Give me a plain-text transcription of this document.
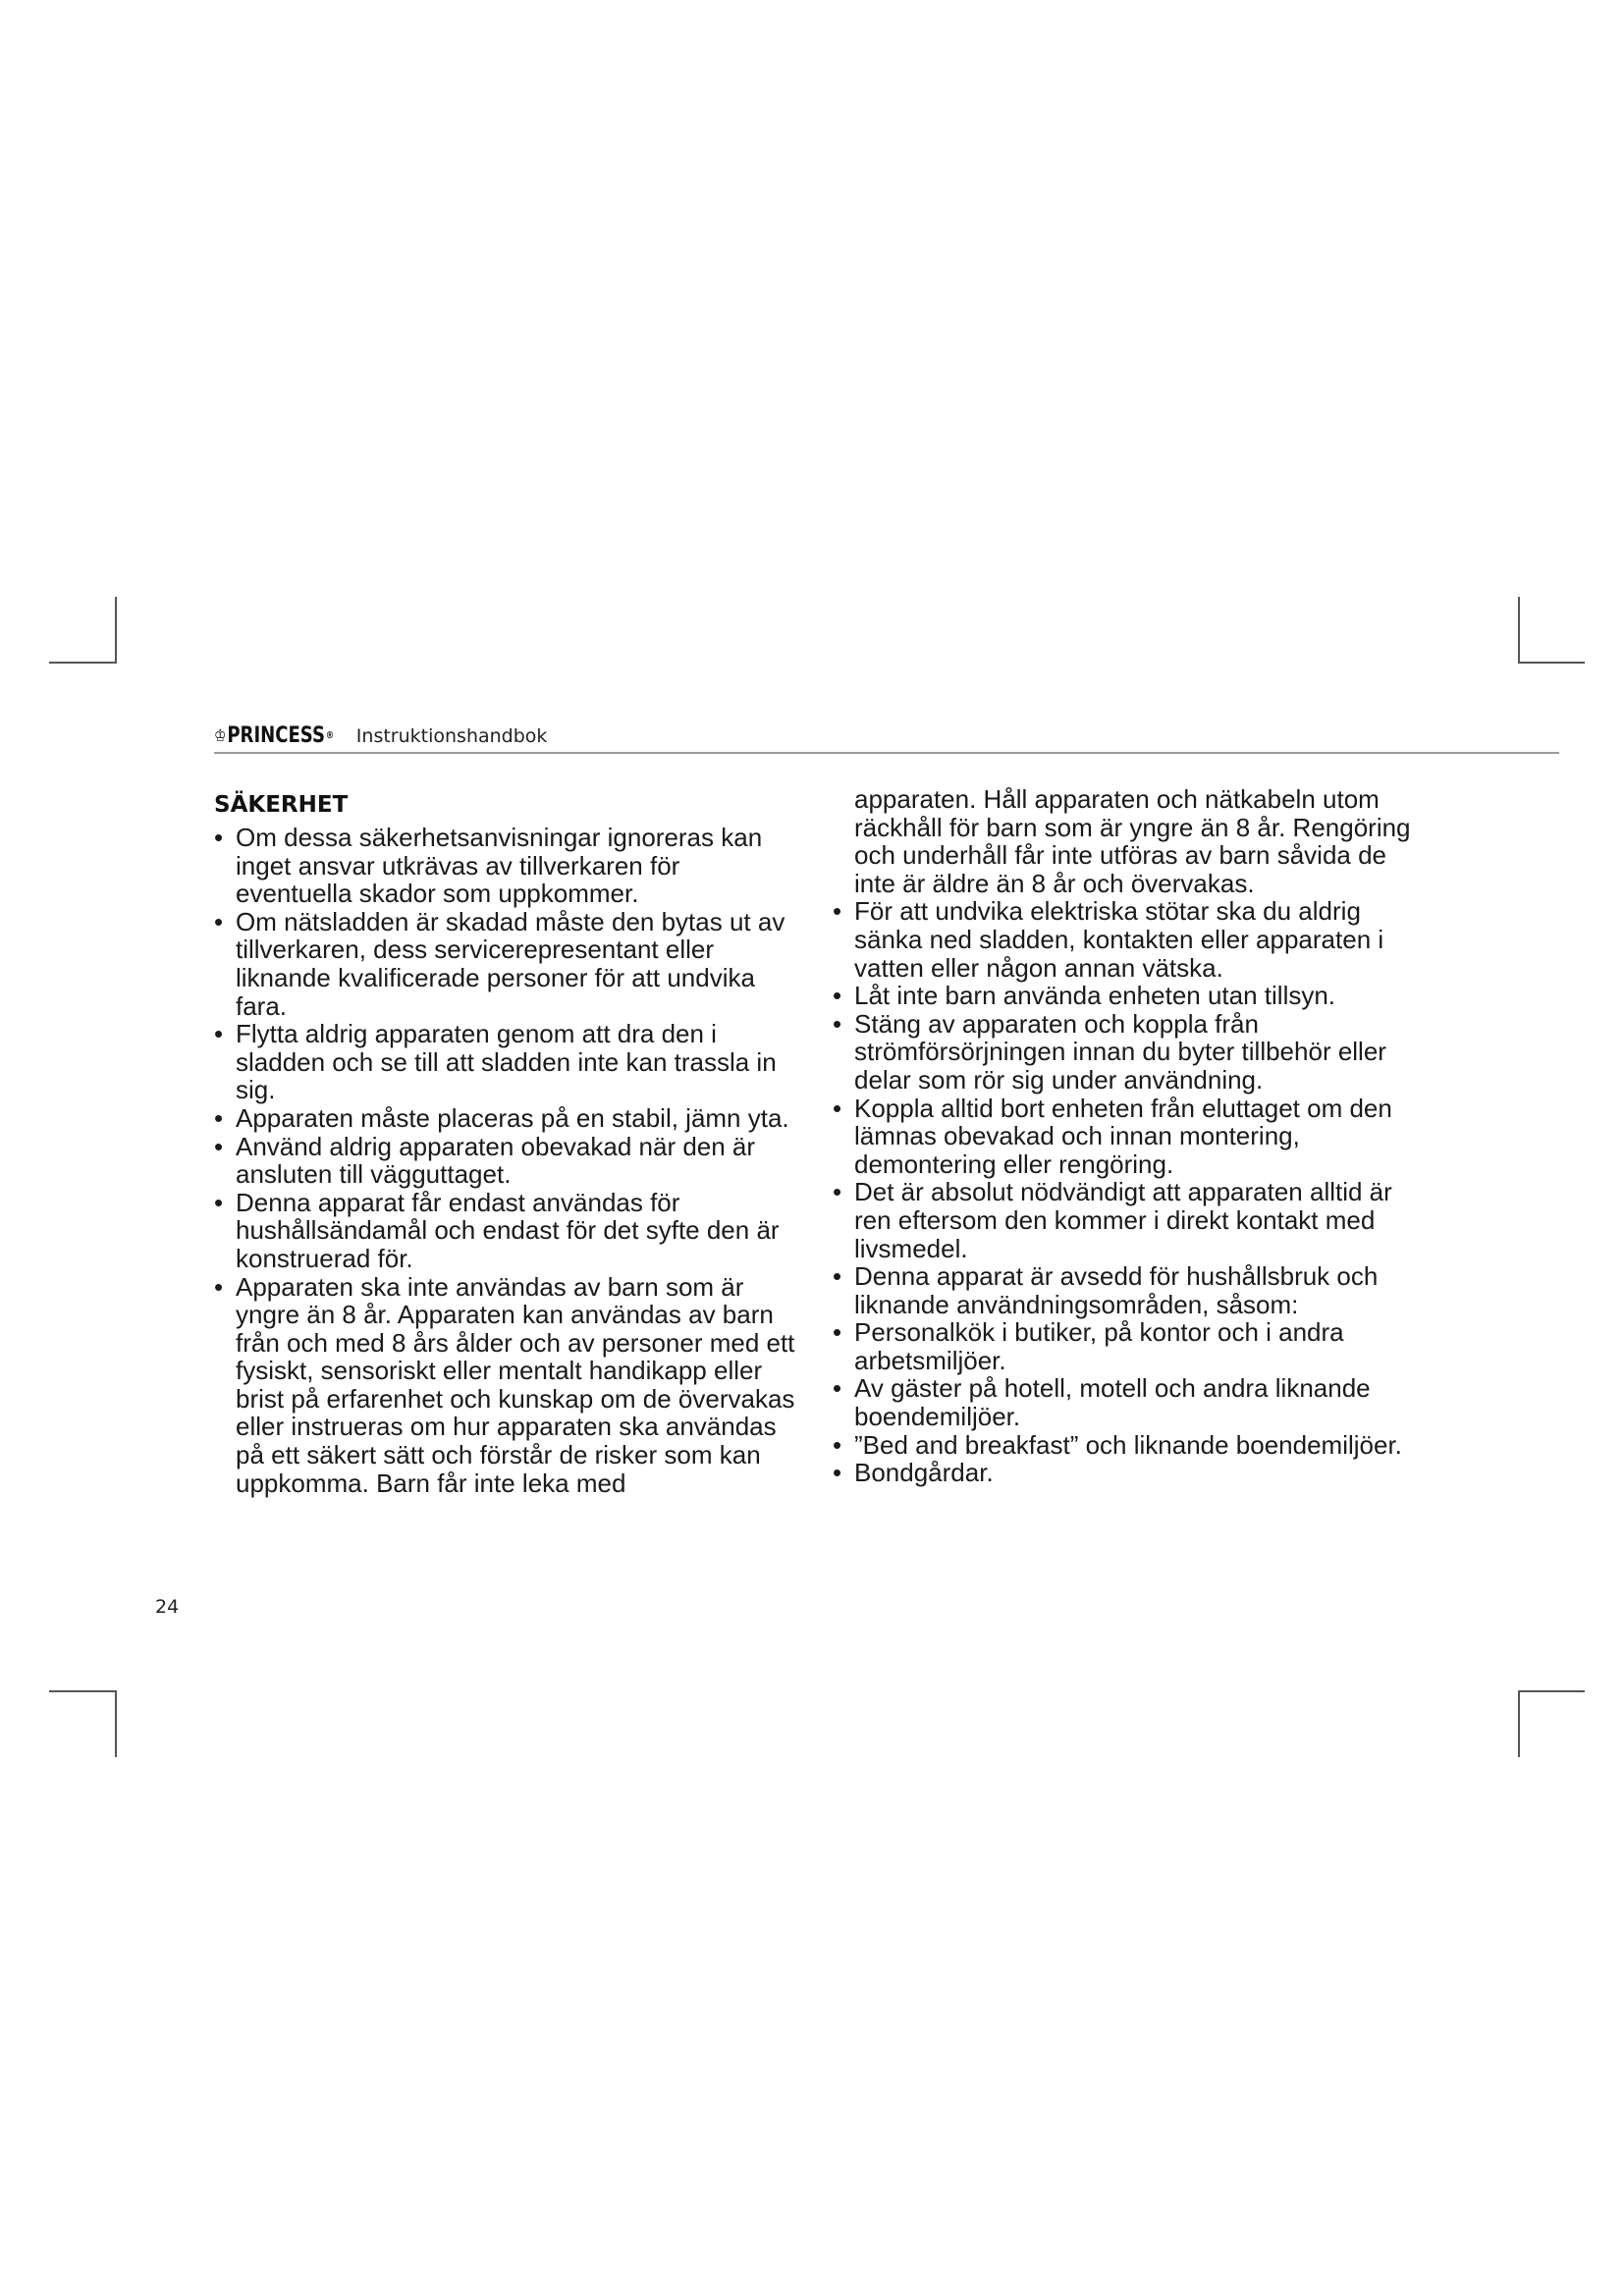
♔ PRINCESS ® Instruktionshandbok
SÄKERHET
• Om dessa säkerhetsanvisningar ignoreras kan inget ansvar utkrävas av tillverkaren för eventuella skador som uppkommer.
• Om nätsladden är skadad måste den bytas ut av tillverkaren, dess servicerepresentant eller liknande kvalificerade personer för att undvika fara.
• Flytta aldrig apparaten genom att dra den i sladden och se till att sladden inte kan trassla in sig.
• Apparaten måste placeras på en stabil, jämn yta.
• Använd aldrig apparaten obevakad när den är ansluten till vägguttaget.
• Denna apparat får endast användas för hushållsändamål och endast för det syfte den är konstruerad för.
• Apparaten ska inte användas av barn som är yngre än 8 år. Apparaten kan användas av barn från och med 8 års ålder och av personer med ett fysiskt, sensoriskt eller mentalt handikapp eller brist på erfarenhet och kunskap om de övervakas eller instrueras om hur apparaten ska användas på ett säkert sätt och förstår de risker som kan uppkomma. Barn får inte leka med
apparaten. Håll apparaten och nätkabeln utom räckhåll för barn som är yngre än 8 år. Rengöring och underhåll får inte utföras av barn såvida de inte är äldre än 8 år och övervakas.
• För att undvika elektriska stötar ska du aldrig sänka ned sladden, kontakten eller apparaten i vatten eller någon annan vätska.
• Låt inte barn använda enheten utan tillsyn.
• Stäng av apparaten och koppla från strömförsörjningen innan du byter tillbehör eller delar som rör sig under användning.
• Koppla alltid bort enheten från eluttaget om den lämnas obevakad och innan montering, demontering eller rengöring.
• Det är absolut nödvändigt att apparaten alltid är ren eftersom den kommer i direkt kontakt med livsmedel.
• Denna apparat är avsedd för hushållsbruk och liknande användningsområden, såsom:
• Personalkök i butiker, på kontor och i andra arbetsmiljöer.
• Av gäster på hotell, motell och andra liknande boendemiljöer.
• ”Bed and breakfast” och liknande boendemiljöer.
• Bondgårdar.
24
